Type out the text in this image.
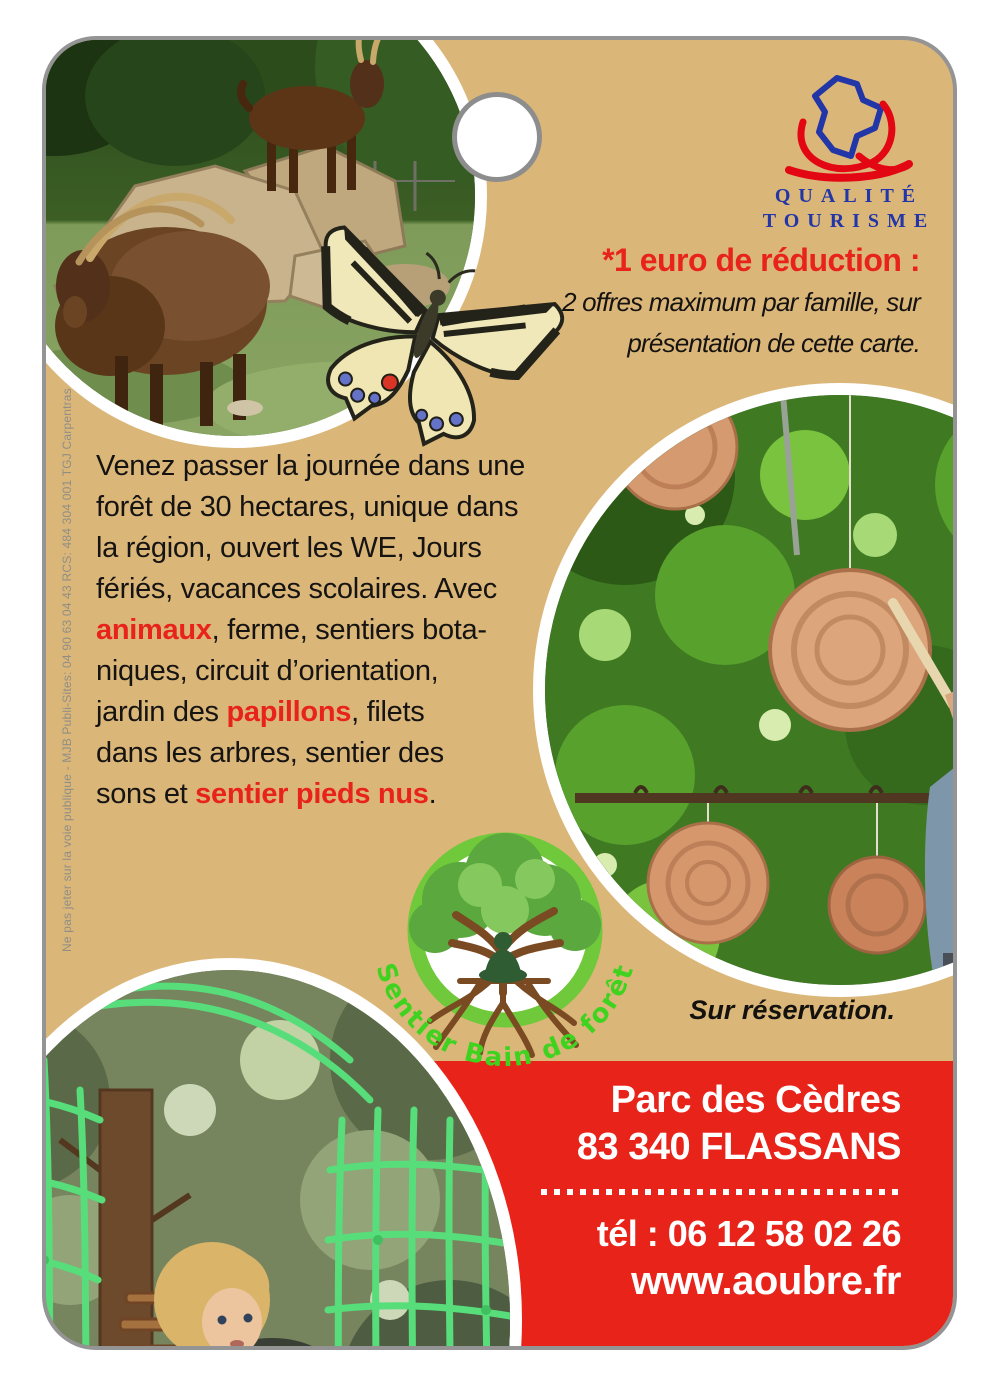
Parc des Cèdres
83 340 FLASSANS
tél : 06 12 58 02 26
www.aoubre.fr
QUALITÉ
TOURISME
*1 euro de réduction :
2 offres maximum par famille, sur
présentation de cette carte.
Venez passer la journée dans une
forêt de 30 hectares, unique dans
la région, ouvert les WE, Jours
fériés, vacances scolaires. Avec
animaux, ferme, sentiers bota-
niques, circuit d’orientation,
jardin des papillons, filets
dans les arbres, sentier des
sons et sentier pieds nus.
Sentier Bain de forêt
Sur réservation.
Ne pas jeter sur la voie publique - MJB Publi-Sites: 04 90 63 04 43 RCS: 484 304 001 TGJ Carpentras
